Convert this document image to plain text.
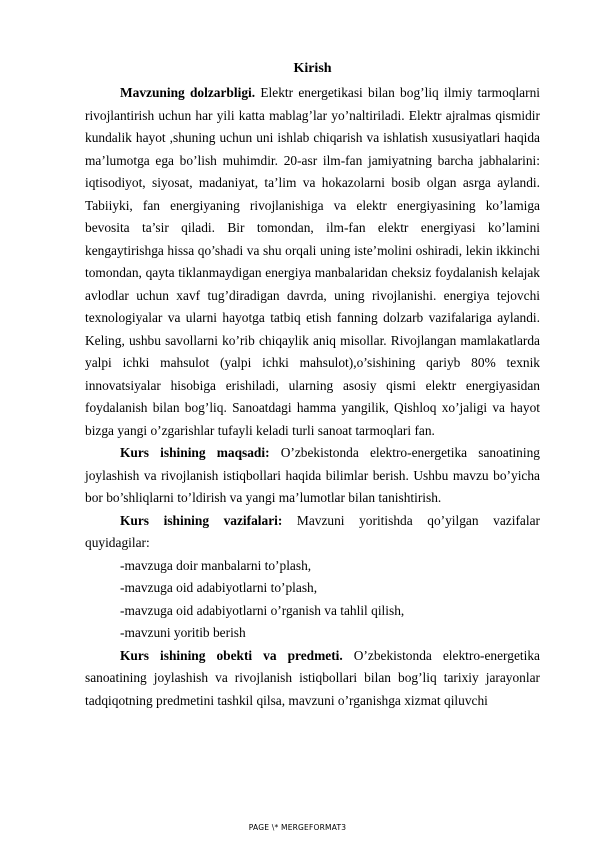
Kirish

Mavzuning dolzarbligi. Elektr energetikasi bilan bog’liq ilmiy tarmoqlarni rivojlantirish uchun har yili katta mablag’lar yo’naltiriladi. Elektr ajralmas qismidir kundalik hayot ,shuning uchun uni ishlab chiqarish va ishlatish xususiyatlari haqida ma’lumotga ega bo’lish muhimdir. 20-asr ilm-fan jamiyatning barcha jabhalarini: iqtisodiyot, siyosat, madaniyat, ta’lim va hokazolarni bosib olgan asrga aylandi. Tabiiyki, fan energiyaning rivojlanishiga va elektr energiyasining ko’lamiga bevosita ta’sir qiladi. Bir tomondan, ilm-fan elektr energiyasi ko’lamini kengaytirishga hissa qo’shadi va shu orqali uning iste’molini oshiradi, lekin ikkinchi tomondan, qayta tiklanmaydigan energiya manbalaridan cheksiz foydalanish kelajak avlodlar uchun xavf tug’diradigan davrda, uning rivojlanishi. energiya tejovchi texnologiyalar va ularni hayotga tatbiq etish fanning dolzarb vazifalariga aylandi. Keling, ushbu savollarni ko’rib chiqaylik aniq misollar. Rivojlangan mamlakatlarda yalpi ichki mahsulot (yalpi ichki mahsulot),o’sishining qariyb 80% texnik innovatsiyalar hisobiga erishiladi, ularning asosiy qismi elektr energiyasidan foydalanish bilan bog’liq. Sanoatdagi hamma yangilik, Qishloq xo’jaligi va hayot bizga yangi o’zgarishlar tufayli keladi turli sanoat tarmoqlari fan.

Kurs ishining maqsadi: O’zbekistonda elektro-energetika sanoatining joylashish va rivojlanish istiqbollari haqida bilimlar berish. Ushbu mavzu bo’yicha bor bo’shliqlarni to’ldirish va yangi ma’lumotlar bilan tanishtirish.

Kurs ishining vazifalari: Mavzuni yoritishda qo’yilgan vazifalar quyidagilar:

-mavzuga doir manbalarni to’plash,

-mavzuga oid adabiyotlarni to’plash,

-mavzuga oid adabiyotlarni o’rganish va tahlil qilish,

-mavzuni yoritib berish

Kurs ishining obekti va predmeti. O’zbekistonda elektro-energetika sanoatining joylashish va rivojlanish istiqbollari bilan bog’liq tarixiy jarayonlar tadqiqotning predmetini tashkil qilsa, mavzuni o’rganishga xizmat qiluvchi

PAGE \* MERGEFORMAT3
